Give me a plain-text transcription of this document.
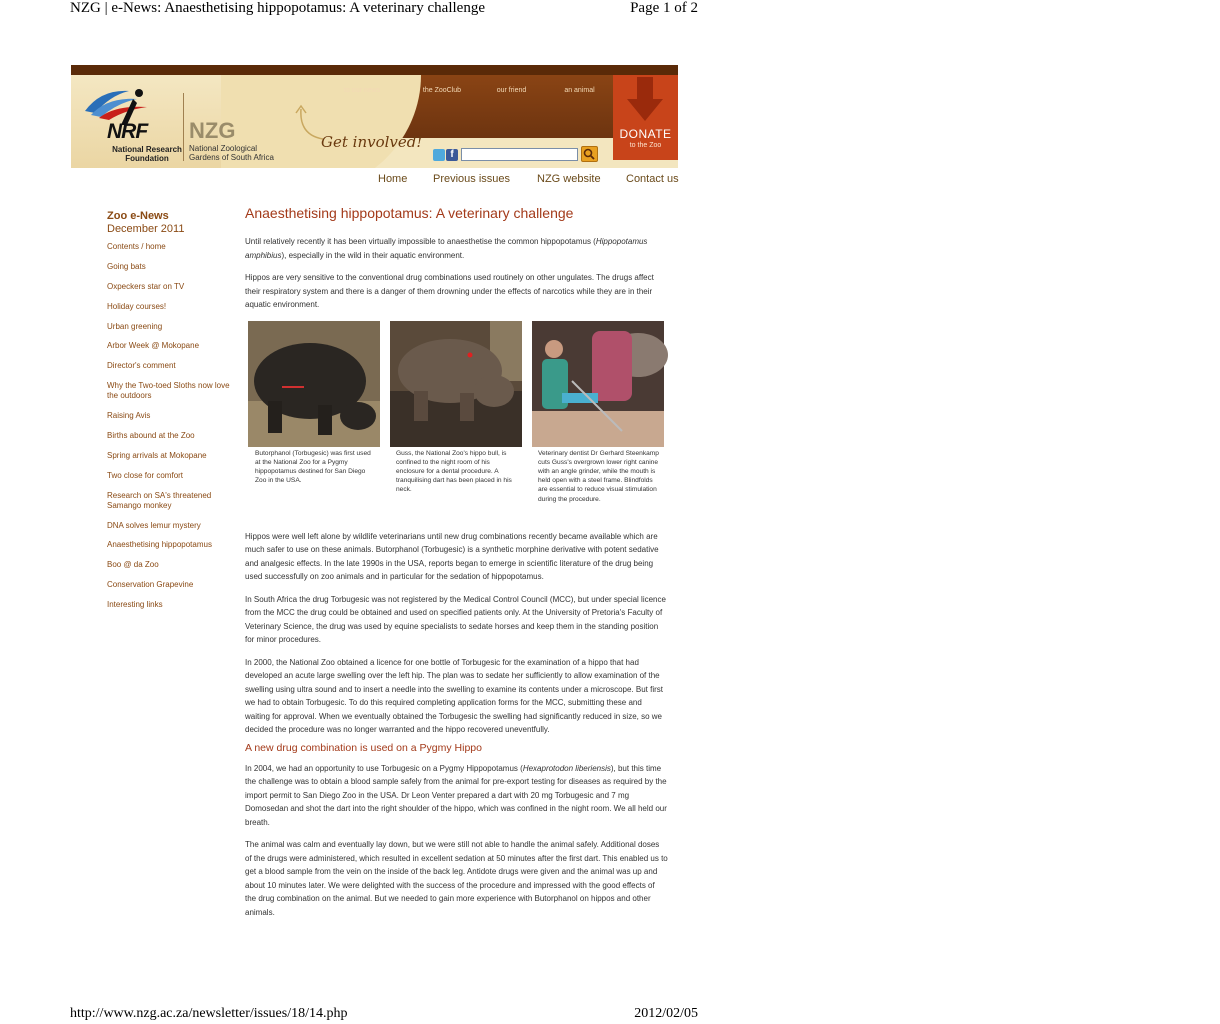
NZG | e-News: Anaesthetising hippopotamus: A veterinary challenge	Page 1 of 2
NRF
National Research Foundation
NZG
National Zoological Gardens of South Africa
SUBSCRIBE
to our news
JOIN
the ZooClub
BECOME
our friend
ADOPT
an animal
Get involved!	DONATE
to the Zoo
f
Home Previous issues NZG website Contact us
Zoo e-News
December 2011
Contents / home
Going bats
Oxpeckers star on TV
Holiday courses!
Urban greening
Arbor Week @ Mokopane
Director's comment
Why the Two-toed Sloths now love the outdoors
Raising Avis
Births abound at the Zoo
Spring arrivals at Mokopane
Two close for comfort
Research on SA's threatened Samango monkey
DNA solves lemur mystery
Anaesthetising hippopotamus
Boo @ da Zoo
Conservation Grapevine
Interesting links
Anaesthetising hippopotamus: A veterinary challenge

Until relatively recently it has been virtually impossible to anaesthetise the common hippopotamus (Hippopotamus amphibius), especially in the wild in their aquatic environment.

Hippos are very sensitive to the conventional drug combinations used routinely on other ungulates. The drugs affect their respiratory system and there is a danger of them drowning under the effects of narcotics while they are in their aquatic environment.

Butorphanol (Torbugesic) was first used at the National Zoo for a Pygmy hippopotamus destined for San Diego Zoo in the USA.
Guss, the National Zoo's hippo bull, is confined to the night room of his enclosure for a dental procedure. A tranquilising dart has been placed in his neck.
Veterinary dentist Dr Gerhard Steenkamp cuts Guss's overgrown lower right canine with an angle grinder, while the mouth is held open with a steel frame. Blindfolds are essential to reduce visual stimulation during the procedure.

Hippos were well left alone by wildlife veterinarians until new drug combinations recently became available which are much safer to use on these animals. Butorphanol (Torbugesic) is a synthetic morphine derivative with potent sedative and analgesic effects. In the late 1990s in the USA, reports began to emerge in scientific literature of the drug being used successfully on zoo animals and in particular for the sedation of hippopotamus.

In South Africa the drug Torbugesic was not registered by the Medical Control Council (MCC), but under special licence from the MCC the drug could be obtained and used on specified patients only. At the University of Pretoria's Faculty of Veterinary Science, the drug was used by equine specialists to sedate horses and keep them in the standing position for minor procedures.

In 2000, the National Zoo obtained a licence for one bottle of Torbugesic for the examination of a hippo that had developed an acute large swelling over the left hip. The plan was to sedate her sufficiently to allow examination of the swelling using ultra sound and to insert a needle into the swelling to examine its contents under a microscope. But first we had to obtain Torbugesic. To do this required completing application forms for the MCC, submitting these and waiting for approval. When we eventually obtained the Torbugesic the swelling had significantly reduced in size, so we decided the procedure was no longer warranted and the hippo recovered uneventfully.

A new drug combination is used on a Pygmy Hippo

In 2004, we had an opportunity to use Torbugesic on a Pygmy Hippopotamus (Hexaprotodon liberiensis), but this time the challenge was to obtain a blood sample safely from the animal for pre-export testing for diseases as required by the import permit to San Diego Zoo in the USA. Dr Leon Venter prepared a dart with 20 mg Torbugesic and 7 mg Domosedan and shot the dart into the right shoulder of the hippo, which was confined in the night room. We all held our breath.

The animal was calm and eventually lay down, but we were still not able to handle the animal safely. Additional doses of the drugs were administered, which resulted in excellent sedation at 50 minutes after the first dart. This enabled us to get a blood sample from the vein on the inside of the back leg. Antidote drugs were given and the animal was up and about 10 minutes later. We were delighted with the success of the procedure and impressed with the good effects of the drug combination on the animal. But we needed to gain more experience with Butorphanol on hippos and other animals.

http://www.nzg.ac.za/newsletter/issues/18/14.php	2012/02/05
